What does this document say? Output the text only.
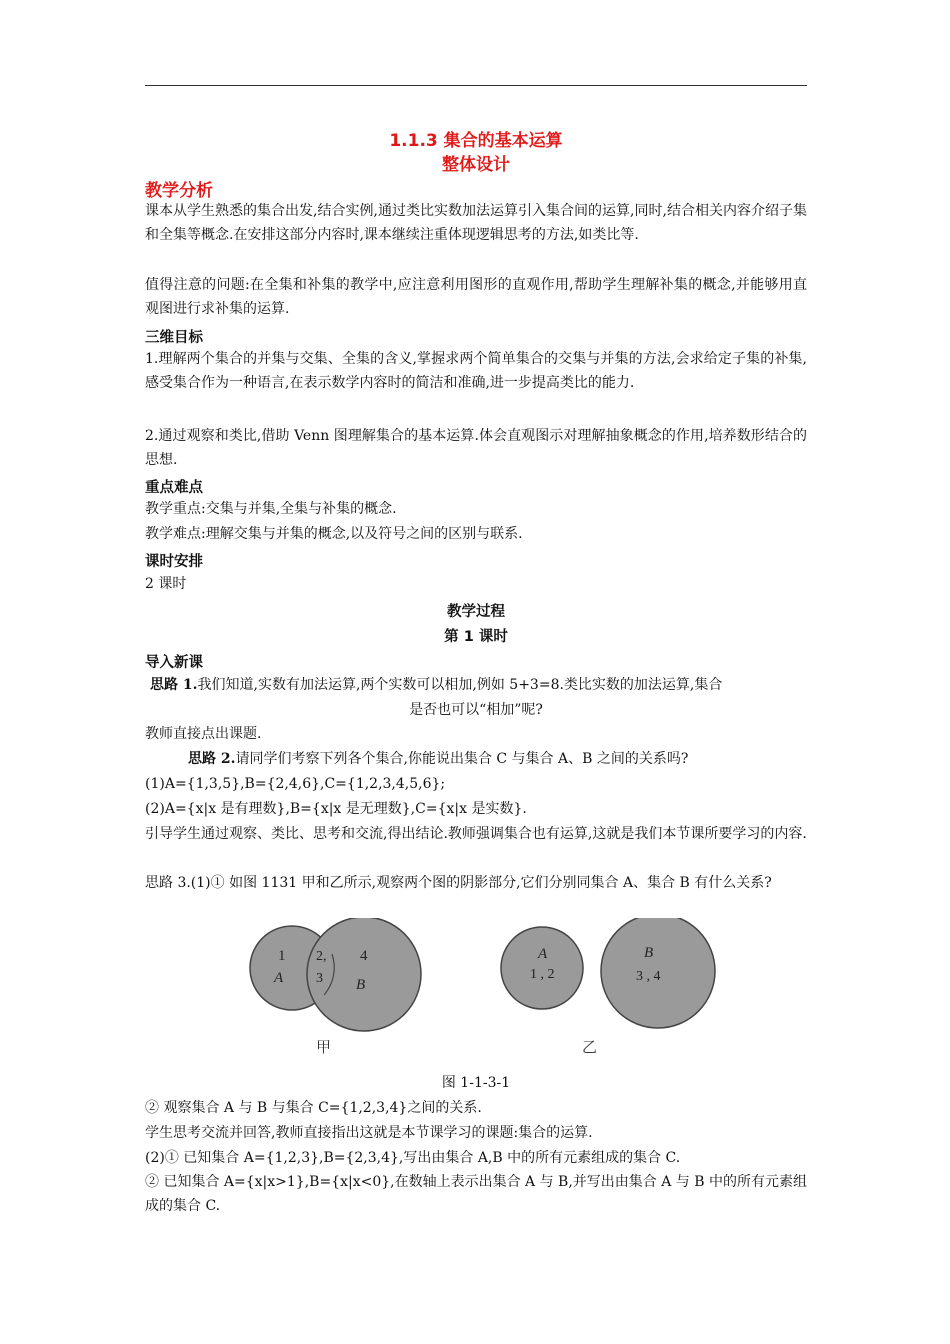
1.1.3 集合的基本运算
整体设计
教学分析
课本从学生熟悉的集合出发,结合实例,通过类比实数加法运算引入集合间的运算,同时,结合相关内容介绍子集和全集等概念.在安排这部分内容时,课本继续注重体现逻辑思考的方法,如类比等.
值得注意的问题:在全集和补集的教学中,应注意利用图形的直观作用,帮助学生理解补集的概念,并能够用直观图进行求补集的运算.
三维目标
1.理解两个集合的并集与交集、全集的含义,掌握求两个简单集合的交集与并集的方法,会求给定子集的补集,感受集合作为一种语言,在表示数学内容时的简洁和准确,进一步提高类比的能力.
2.通过观察和类比,借助 Venn 图理解集合的基本运算.体会直观图示对理解抽象概念的作用,培养数形结合的思想.
重点难点
教学重点:交集与并集,全集与补集的概念.
教学难点:理解交集与并集的概念,以及符号之间的区别与联系.
课时安排
2 课时
教学过程
第 1 课时
导入新课
思路 1.我们知道,实数有加法运算,两个实数可以相加,例如 5+3=8.类比实数的加法运算,集合
是否也可以“相加”呢?
教师直接点出课题.
思路 2.请同学们考察下列各个集合,你能说出集合 C 与集合 A、B 之间的关系吗?
(1)A={1,3,5},B={2,4,6},C={1,2,3,4,5,6};
(2)A={x|x 是有理数},B={x|x 是无理数},C={x|x 是实数}.
引导学生通过观察、类比、思考和交流,得出结论.教师强调集合也有运算,这就是我们本节课所要学习的内容.
思路 3.(1)① 如图 1131 甲和乙所示,观察两个图的阴影部分,它们分别同集合 A、集合 B 有什么关系?
1
A
2,
3
4
B
A
1 , 2
B
3 , 4
甲	乙
图 1-1-3-1
② 观察集合 A 与 B 与集合 C={1,2,3,4}之间的关系.
学生思考交流并回答,教师直接指出这就是本节课学习的课题:集合的运算.
(2)① 已知集合 A={1,2,3},B={2,3,4},写出由集合 A,B 中的所有元素组成的集合 C.
② 已知集合 A={x|x>1},B={x|x<0},在数轴上表示出集合 A 与 B,并写出由集合 A 与 B 中的所有元素组成的集合 C.
